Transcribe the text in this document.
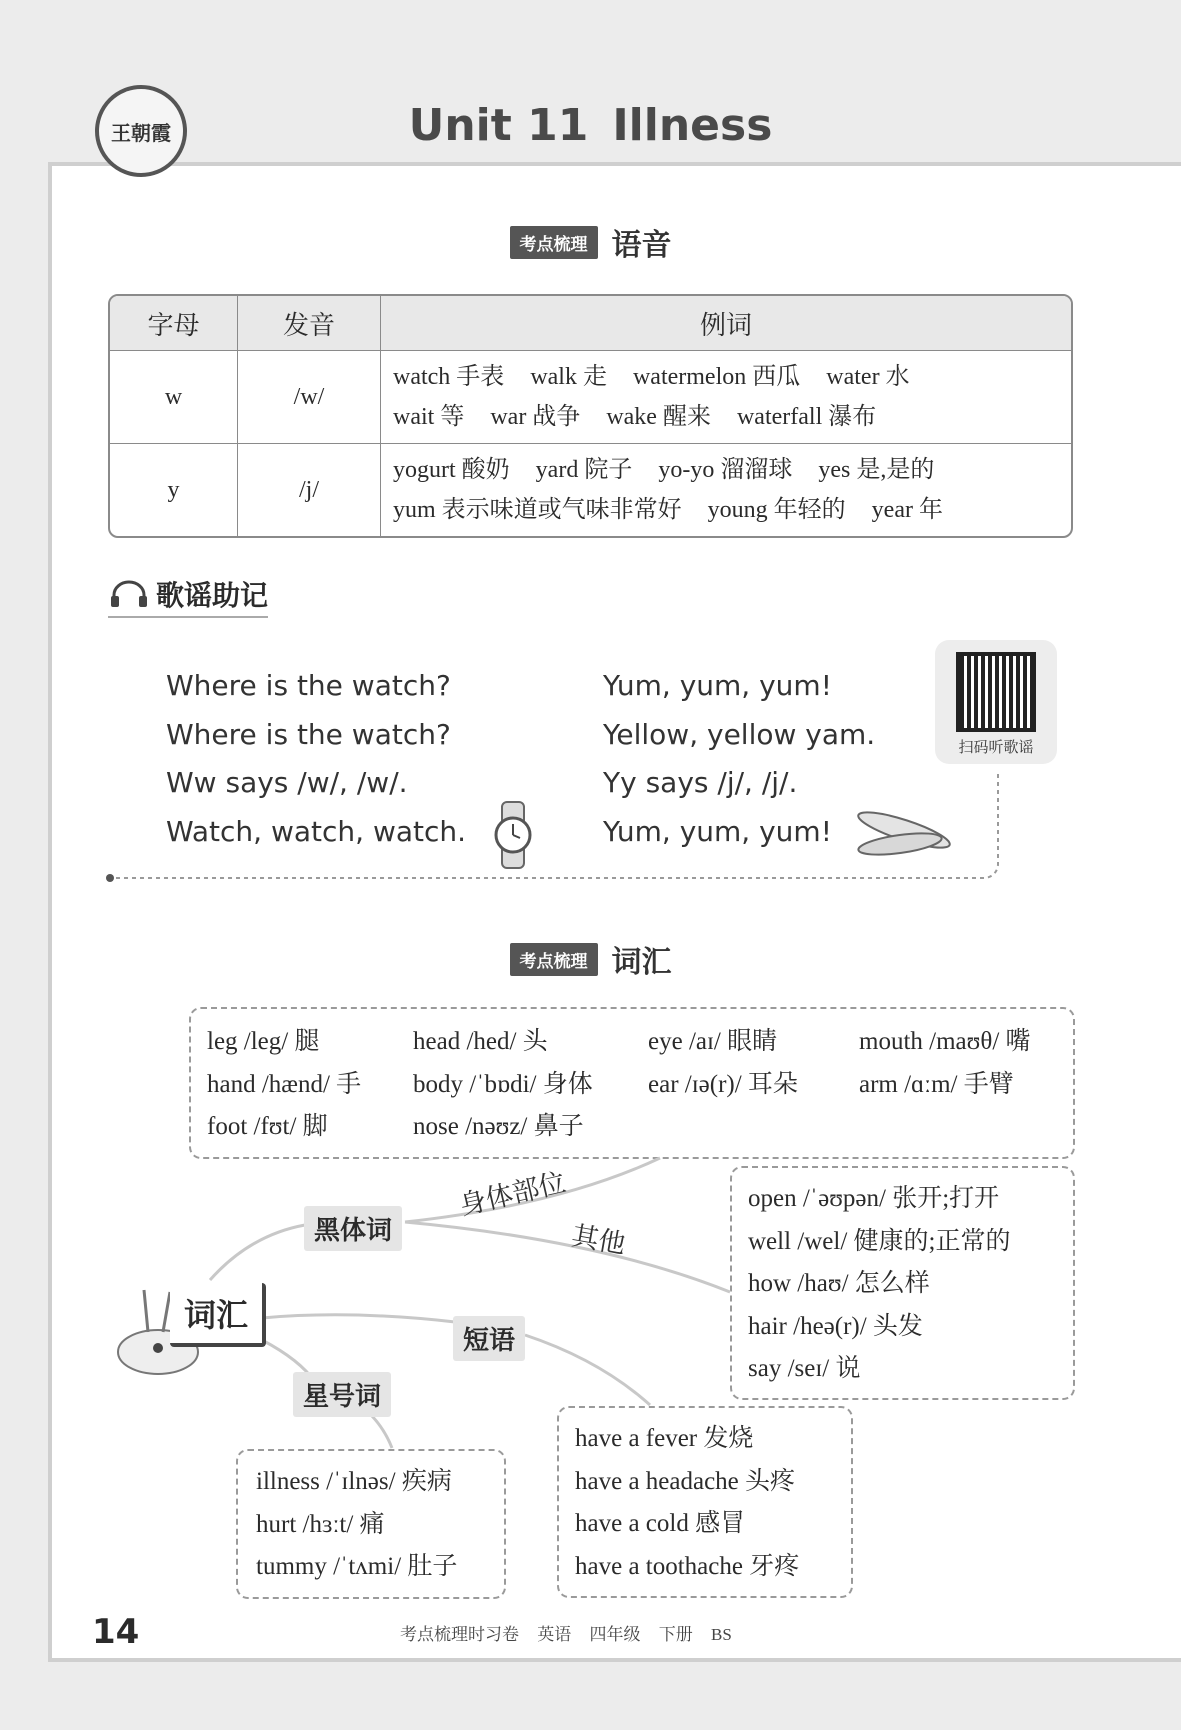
王朝霞	Unit 11 Illness
考点梳理 语音
字母	发音	例词
w	/w/	watch 手表 walk 走 watermelon 西瓜 water 水
wait 等 war 战争 wake 醒来 waterfall 瀑布

y	/j/	yogurt 酸奶 yard 院子 yo-yo 溜溜球 yes 是,是的
yum 表示味道或气味非常好 young 年轻的 year 年
歌谣助记
Where is the watch?
Where is the watch?
Ww says /w/, /w/.
Watch, watch, watch.
Yum, yum, yum!
Yellow, yellow yam.
Yy says /j/, /j/.
Yum, yum, yum!
扫码听歌谣
考点梳理 词汇
leg /leg/ 腿	head /hed/ 头	eye /aɪ/ 眼睛	mouth /maʊθ/ 嘴
hand /hænd/ 手	body /ˈbɒdi/ 身体	ear /ɪə(r)/ 耳朵	arm /ɑːm/ 手臂
foot /fʊt/ 脚	nose /nəʊz/ 鼻子
open /ˈəʊpən/ 张开;打开
well /wel/ 健康的;正常的
how /haʊ/ 怎么样
hair /heə(r)/ 头发
say /seɪ/ 说
have a fever 发烧
have a headache 头疼
have a cold 感冒
have a toothache 牙疼
illness /ˈɪlnəs/ 疾病
hurt /hɜːt/ 痛
tummy /ˈtʌmi/ 肚子
词汇
黑体词
短语
星号词
身体部位
其他
14	考点梳理时习卷 英语 四年级 下册 BS
